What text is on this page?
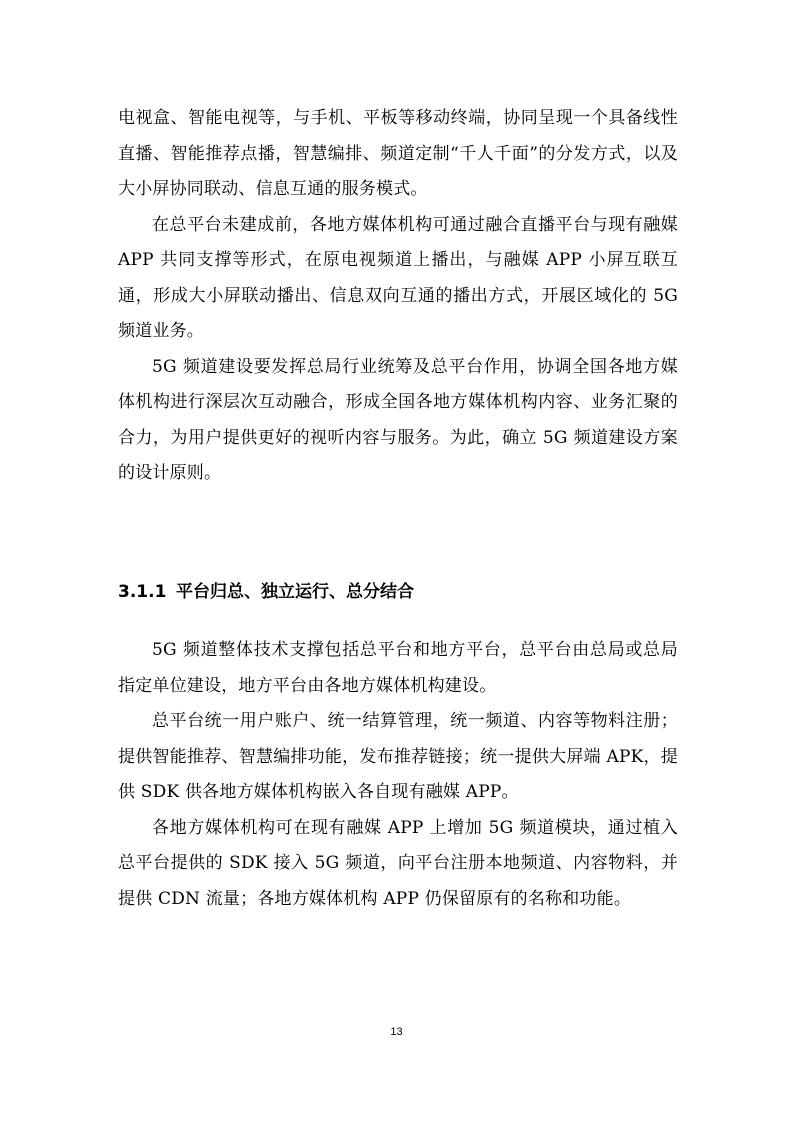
电视盒、智能电视等，与手机、平板等移动终端，协同呈现一个具备线性直播、智能推荐点播，智慧编排、频道定制“千人千面”的分发方式，以及大小屏协同联动、信息互通的服务模式。

在总平台未建成前，各地方媒体机构可通过融合直播平台与现有融媒 APP 共同支撑等形式，在原电视频道上播出，与融媒 APP 小屏互联互通，形成大小屏联动播出、信息双向互通的播出方式，开展区域化的 5G 频道业务。

5G 频道建设要发挥总局行业统筹及总平台作用，协调全国各地方媒体机构进行深层次互动融合，形成全国各地方媒体机构内容、业务汇聚的合力，为用户提供更好的视听内容与服务。为此，确立 5G 频道建设方案的设计原则。

3.1.1 平台归总、独立运行、总分结合

5G 频道整体技术支撑包括总平台和地方平台，总平台由总局或总局指定单位建设，地方平台由各地方媒体机构建设。

总平台统一用户账户、统一结算管理，统一频道、内容等物料注册；提供智能推荐、智慧编排功能，发布推荐链接；统一提供大屏端 APK，提供 SDK 供各地方媒体机构嵌入各自现有融媒 APP。

各地方媒体机构可在现有融媒 APP 上增加 5G 频道模块，通过植入总平台提供的 SDK 接入 5G 频道，向平台注册本地频道、内容物料，并提供 CDN 流量；各地方媒体机构 APP 仍保留原有的名称和功能。

13
